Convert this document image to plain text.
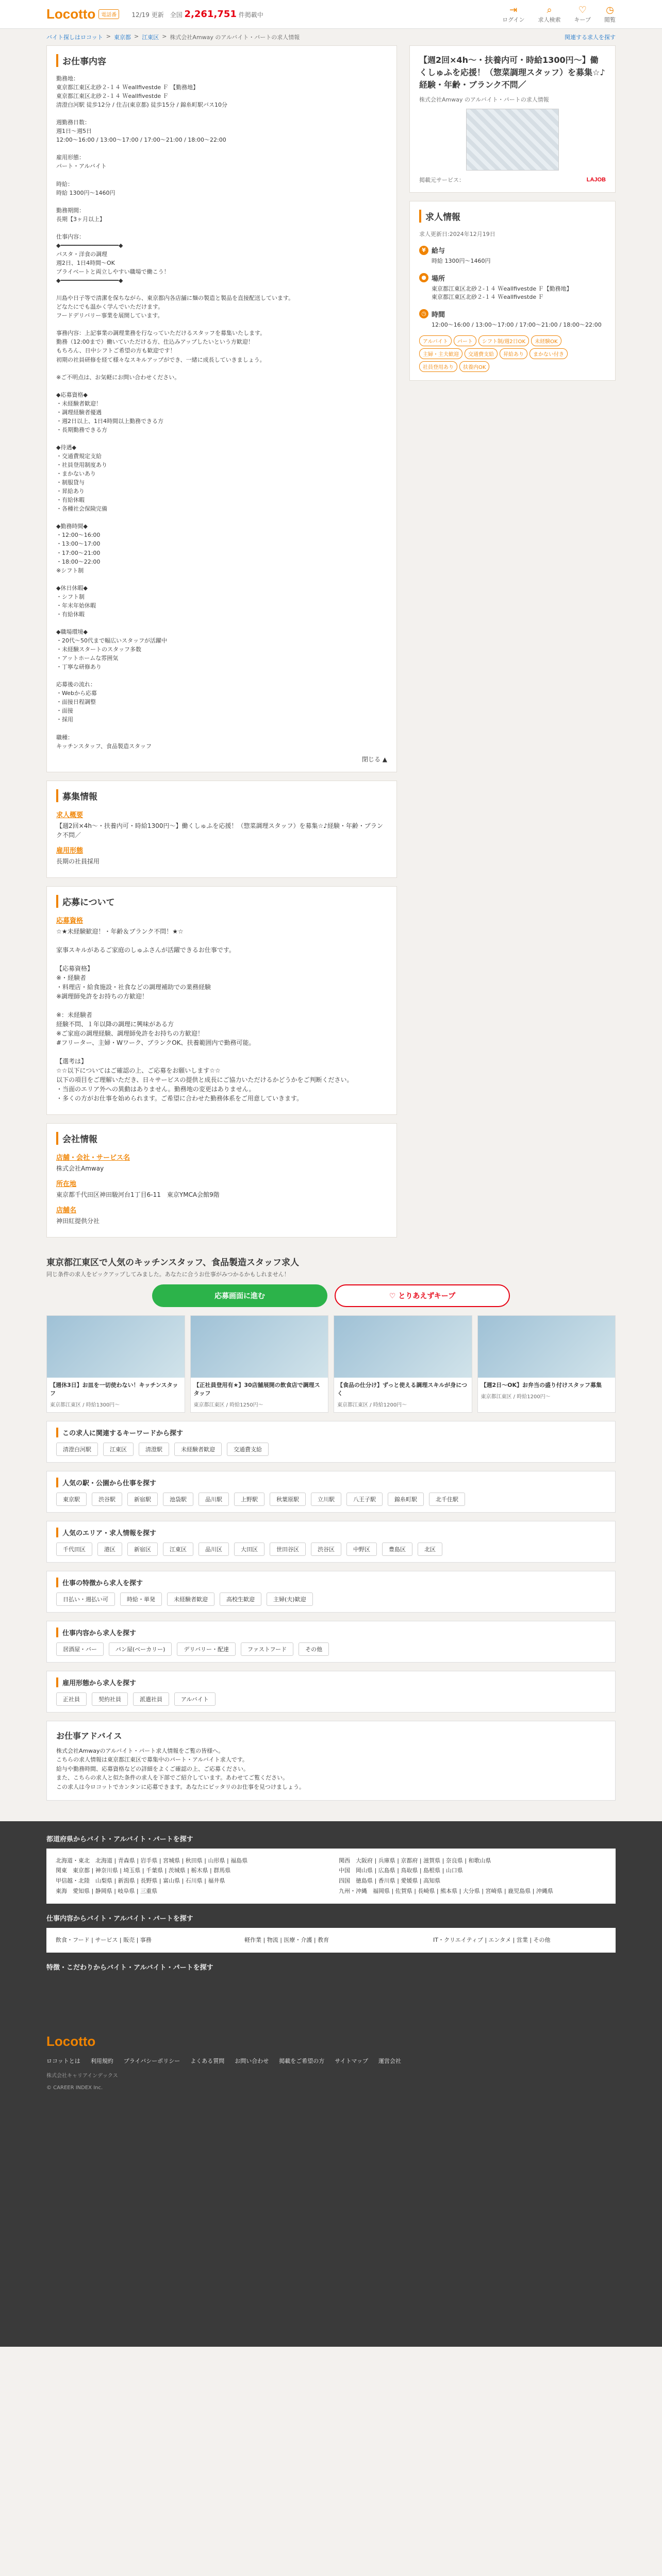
Locotto	電話番	12/19 更新　全国 2,261,751 件掲載中	⇥
ログイン
⌕
求人検索
♡
キープ
◷
閲覧
バイト探しはロコット > 東京都 > 江東区 > 株式会社Amway のアルバイト・パートの求人情報	関連する求人を探す
お仕事内容
勤務地：
東京都江東区北砂２-１４ Ｗeallfivestde Ｆ 【勤務地】
東京都江東区北砂２-１４ Ｗeallfivestde Ｆ
清澄白河駅 徒歩12分 / 住吉(東京都) 徒歩15分 / 錦糸町駅バス10分

週勤務日数：
週1日～週5日
12:00～16:00 / 13:00～17:00 / 17:00～21:00 / 18:00～22:00

雇用形態：
パート・アルバイト

時給：
時給 1300円～1460円

勤務期間：
長期【3ヶ月以上】

仕事内容：
◆━━━━━━━━━━━━━━━━━◆
パスタ・洋食の調理
週2日、1日4時間～OK
プライベートと両立しやすい職場で働こう！
◆━━━━━━━━━━━━━━━━━◆

川島や日子等で清潔を保ちながら、東京都内各店舗に麺の製造と製品を直接配送しています。
どなたにでも温かく学んでいただけます。
フードデリバリー事業を展開しています。

事務内容：上記事業の調理業務を行なっていただけるスタッフを募集いたします。
勤務（12:00まで）働いていただける方、仕込みアップしたいという方歓迎！
もちろん、日中シフトご希望の方も歓迎です！
初期の社員研修を経て様々なスキルアップができ、一緒に成長していきましょう。

※ご不明点は、お気軽にお問い合わせください。

◆応募資格◆
・未経験者歓迎！
・調理経験者優遇
・週2日以上、1日4時間以上勤務できる方
・長期勤務できる方

◆待遇◆
・交通費規定支給
・社員登用制度あり
・まかないあり
・制服貸与
・昇給あり
・有給休暇
・各種社会保険完備

◆勤務時間◆
・12:00～16:00
・13:00～17:00
・17:00～21:00
・18:00～22:00
※シフト制

◆休日休暇◆
・シフト制
・年末年始休暇
・有給休暇

◆職場環境◆
・20代～50代まで幅広いスタッフが活躍中
・未経験スタートのスタッフ多数
・アットホームな雰囲気
・丁寧な研修あり

応募後の流れ：
・Webから応募
・面接日程調整
・面接
・採用

職種：
キッチンスタッフ、食品製造スタッフ
閉じる ▲
募集情報
求人概要

【週2回×4h～・扶養内可・時給1300円～】働くしゅふを応援！（惣菜調理スタッフ）を募集☆♪経験・年齢・ブランク不問／

雇用形態

長期の社員採用

応募について
応募資格

☆★未経験歓迎！・年齢＆ブランク不問！★☆

家事スキルがあるご家庭のしゅふさんが活躍できるお仕事です。

【応募資格】
※・経験者
・料理店・給食施設・社食などの調理補助での業務経験
※調理師免許をお持ちの方歓迎！

※：未経験者
経験不問、１年以降の調理に興味がある方
※ご家庭の調理経験、調理師免許をお持ちの方歓迎！
#フリーター、主婦・Wワーク、ブランクOK、扶養範囲内で勤務可能。

【選考は】
☆☆以下についてはご確認の上、ご応募をお願いします☆☆
以下の項目をご理解いただき、日々サービスの提供と成長にご協力いただけるかどうかをご判断ください。
・当面のエリア外への異動はありません。勤務地の変更はありません。
・多くの方がお仕事を始められます。ご希望に合わせた勤務体系をご用意していきます。

会社情報
店舗・会社・サービス名

株式会社Amway

所在地

東京都千代田区神田駿河台1丁目6-11　東京YMCA会館9階

店舗名

神田紅提供分社

【週2回×4h～・扶養内可・時給1300円～】働くしゅふを応援！（惣菜調理スタッフ）を募集☆♪経験・年齢・ブランク不問／
株式会社Amway のアルバイト・パートの求人情報
掲載元サービス：	LAJOB
求人情報
求人更新日:2024年12月19日
¥ 給与
時給 1300円～1460円
● 場所
東京都江東区北砂２-１４ Ｗeallfivestde Ｆ【勤務地】
東京都江東区北砂２-１４ Ｗeallfivestde Ｆ
◷ 時間
12:00～16:00 / 13:00～17:00 / 17:00～21:00 / 18:00～22:00
アルバイト	パート	シフト制/週2日OK	未経験OK
主婦・主夫歓迎	交通費支給	昇給あり	まかない付き
社員登用あり	扶養内OK
東京都江東区で人気のキッチンスタッフ、食品製造スタッフ求人
同じ条件の求人をピックアップしてみました。あなたに合うお仕事がみつかるかもしれません！
応募画面に進む	♡ とりあえずキープ
【週休3日】お皿を一切使わない！キッチンスタッフ
東京都江東区 / 時給1300円～
【正社員登用有★】30店舗展開の飲食店で調理スタッフ
東京都江東区 / 時給1250円～
【食品の仕分け】ずっと使える調理スキルが身につく
東京都江東区 / 時給1200円～
【週2日～OK】お弁当の盛り付けスタッフ募集
東京都江東区 / 時給1200円～
この求人に関連するキーワードから探す
清澄白河駅	江東区	清澄駅	未経験者歓迎	交通費支給
人気の駅・公園から仕事を探す
東京駅	渋谷駅	新宿駅	池袋駅	品川駅	上野駅	秋葉原駅	立川駅	八王子駅	錦糸町駅	北千住駅
人気のエリア・求人情報を探す
千代田区	港区	新宿区	江東区	品川区	大田区	世田谷区	渋谷区	中野区	豊島区	北区
仕事の特徴から求人を探す
日払い・週払い可	時給・単発	未経験者歓迎	高校生歓迎	主婦(夫)歓迎
仕事内容から求人を探す
居酒屋・バー	パン屋(ベーカリー)	デリバリー・配達	ファストフード	その他
雇用形態から求人を探す
正社員	契約社員	派遣社員	アルバイト
お仕事アドバイス

株式会社Amwayのアルバイト・パート求人情報をご覧の皆様へ。
こちらの求人情報は東京都江東区で募集中のパート・アルバイト求人です。
給与や勤務時間、応募資格などの詳細をよくご確認の上、ご応募ください。
また、こちらの求人と似た条件の求人を下部でご紹介しています。あわせてご覧ください。
この求人は今ロコットでカンタンに応募できます。あなたにピッタリのお仕事を見つけましょう。

都道府県からバイト・アルバイト・パートを探す

北海道・東北　北海道 | 青森県 | 岩手県 | 宮城県 | 秋田県 | 山形県 | 福島県

関東　東京都 | 神奈川県 | 埼玉県 | 千葉県 | 茨城県 | 栃木県 | 群馬県

甲信越・北陸　山梨県 | 新潟県 | 長野県 | 富山県 | 石川県 | 福井県

東海　愛知県 | 静岡県 | 岐阜県 | 三重県

関西　大阪府 | 兵庫県 | 京都府 | 滋賀県 | 奈良県 | 和歌山県

中国　岡山県 | 広島県 | 鳥取県 | 島根県 | 山口県

四国　徳島県 | 香川県 | 愛媛県 | 高知県

九州・沖縄　福岡県 | 佐賀県 | 長崎県 | 熊本県 | 大分県 | 宮崎県 | 鹿児島県 | 沖縄県

仕事内容からバイト・アルバイト・パートを探す
飲食・フード | サービス | 販売 | 事務	軽作業 | 物流 | 医療・介護 | 教育	IT・クリエイティブ | エンタメ | 営業 | その他
特徴・こだわりからバイト・アルバイト・パートを探す
Locotto
ロコットとは 利用規約 プライバシーポリシー よくある質問 お問い合わせ 掲載をご希望の方 サイトマップ 運営会社
株式会社キャリアインデックス
© CAREER INDEX Inc.
